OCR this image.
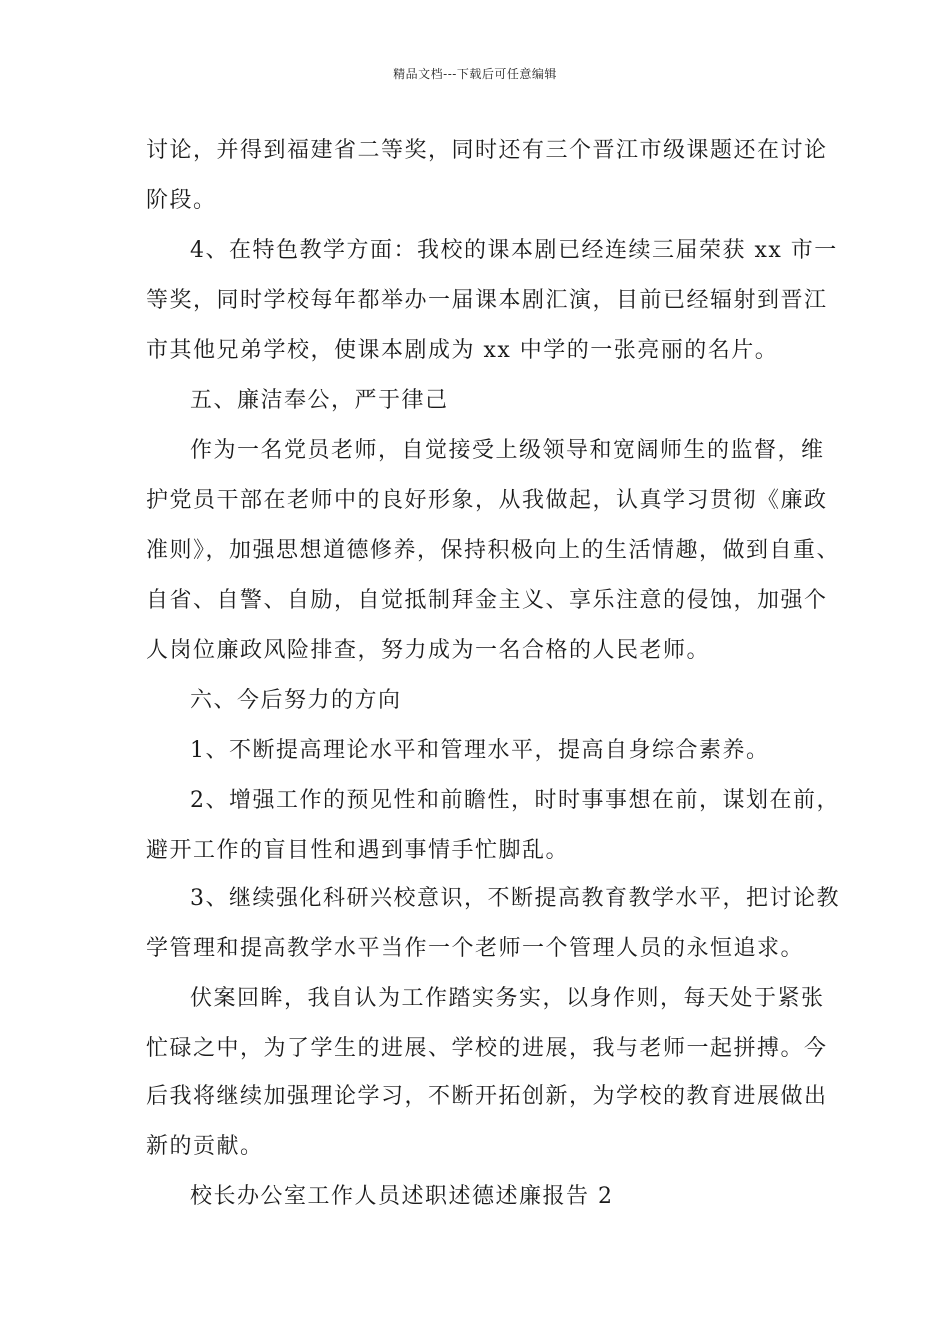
精品文档---下载后可任意编辑
讨论，并得到福建省二等奖，同时还有三个晋江市级课题还在讨论
阶段。
4、在特色教学方面：我校的课本剧已经连续三届荣获 xx 市一
等奖，同时学校每年都举办一届课本剧汇演，目前已经辐射到晋江
市其他兄弟学校，使课本剧成为 xx 中学的一张亮丽的名片。
五、廉洁奉公，严于律己
作为一名党员老师，自觉接受上级领导和宽阔师生的监督，维
护党员干部在老师中的良好形象，从我做起，认真学习贯彻《廉政
准则》，加强思想道德修养，保持积极向上的生活情趣，做到自重、
自省、自警、自励，自觉抵制拜金主义、享乐注意的侵蚀，加强个
人岗位廉政风险排查，努力成为一名合格的人民老师。
六、今后努力的方向
1、不断提高理论水平和管理水平，提高自身综合素养。
2、增强工作的预见性和前瞻性，时时事事想在前，谋划在前，
避开工作的盲目性和遇到事情手忙脚乱。
3、继续强化科研兴校意识，不断提高教育教学水平，把讨论教
学管理和提高教学水平当作一个老师一个管理人员的永恒追求。
伏案回眸，我自认为工作踏实务实，以身作则，每天处于紧张
忙碌之中，为了学生的进展、学校的进展，我与老师一起拼搏。今
后我将继续加强理论学习，不断开拓创新，为学校的教育进展做出
新的贡献。
校长办公室工作人员述职述德述廉报告 2
